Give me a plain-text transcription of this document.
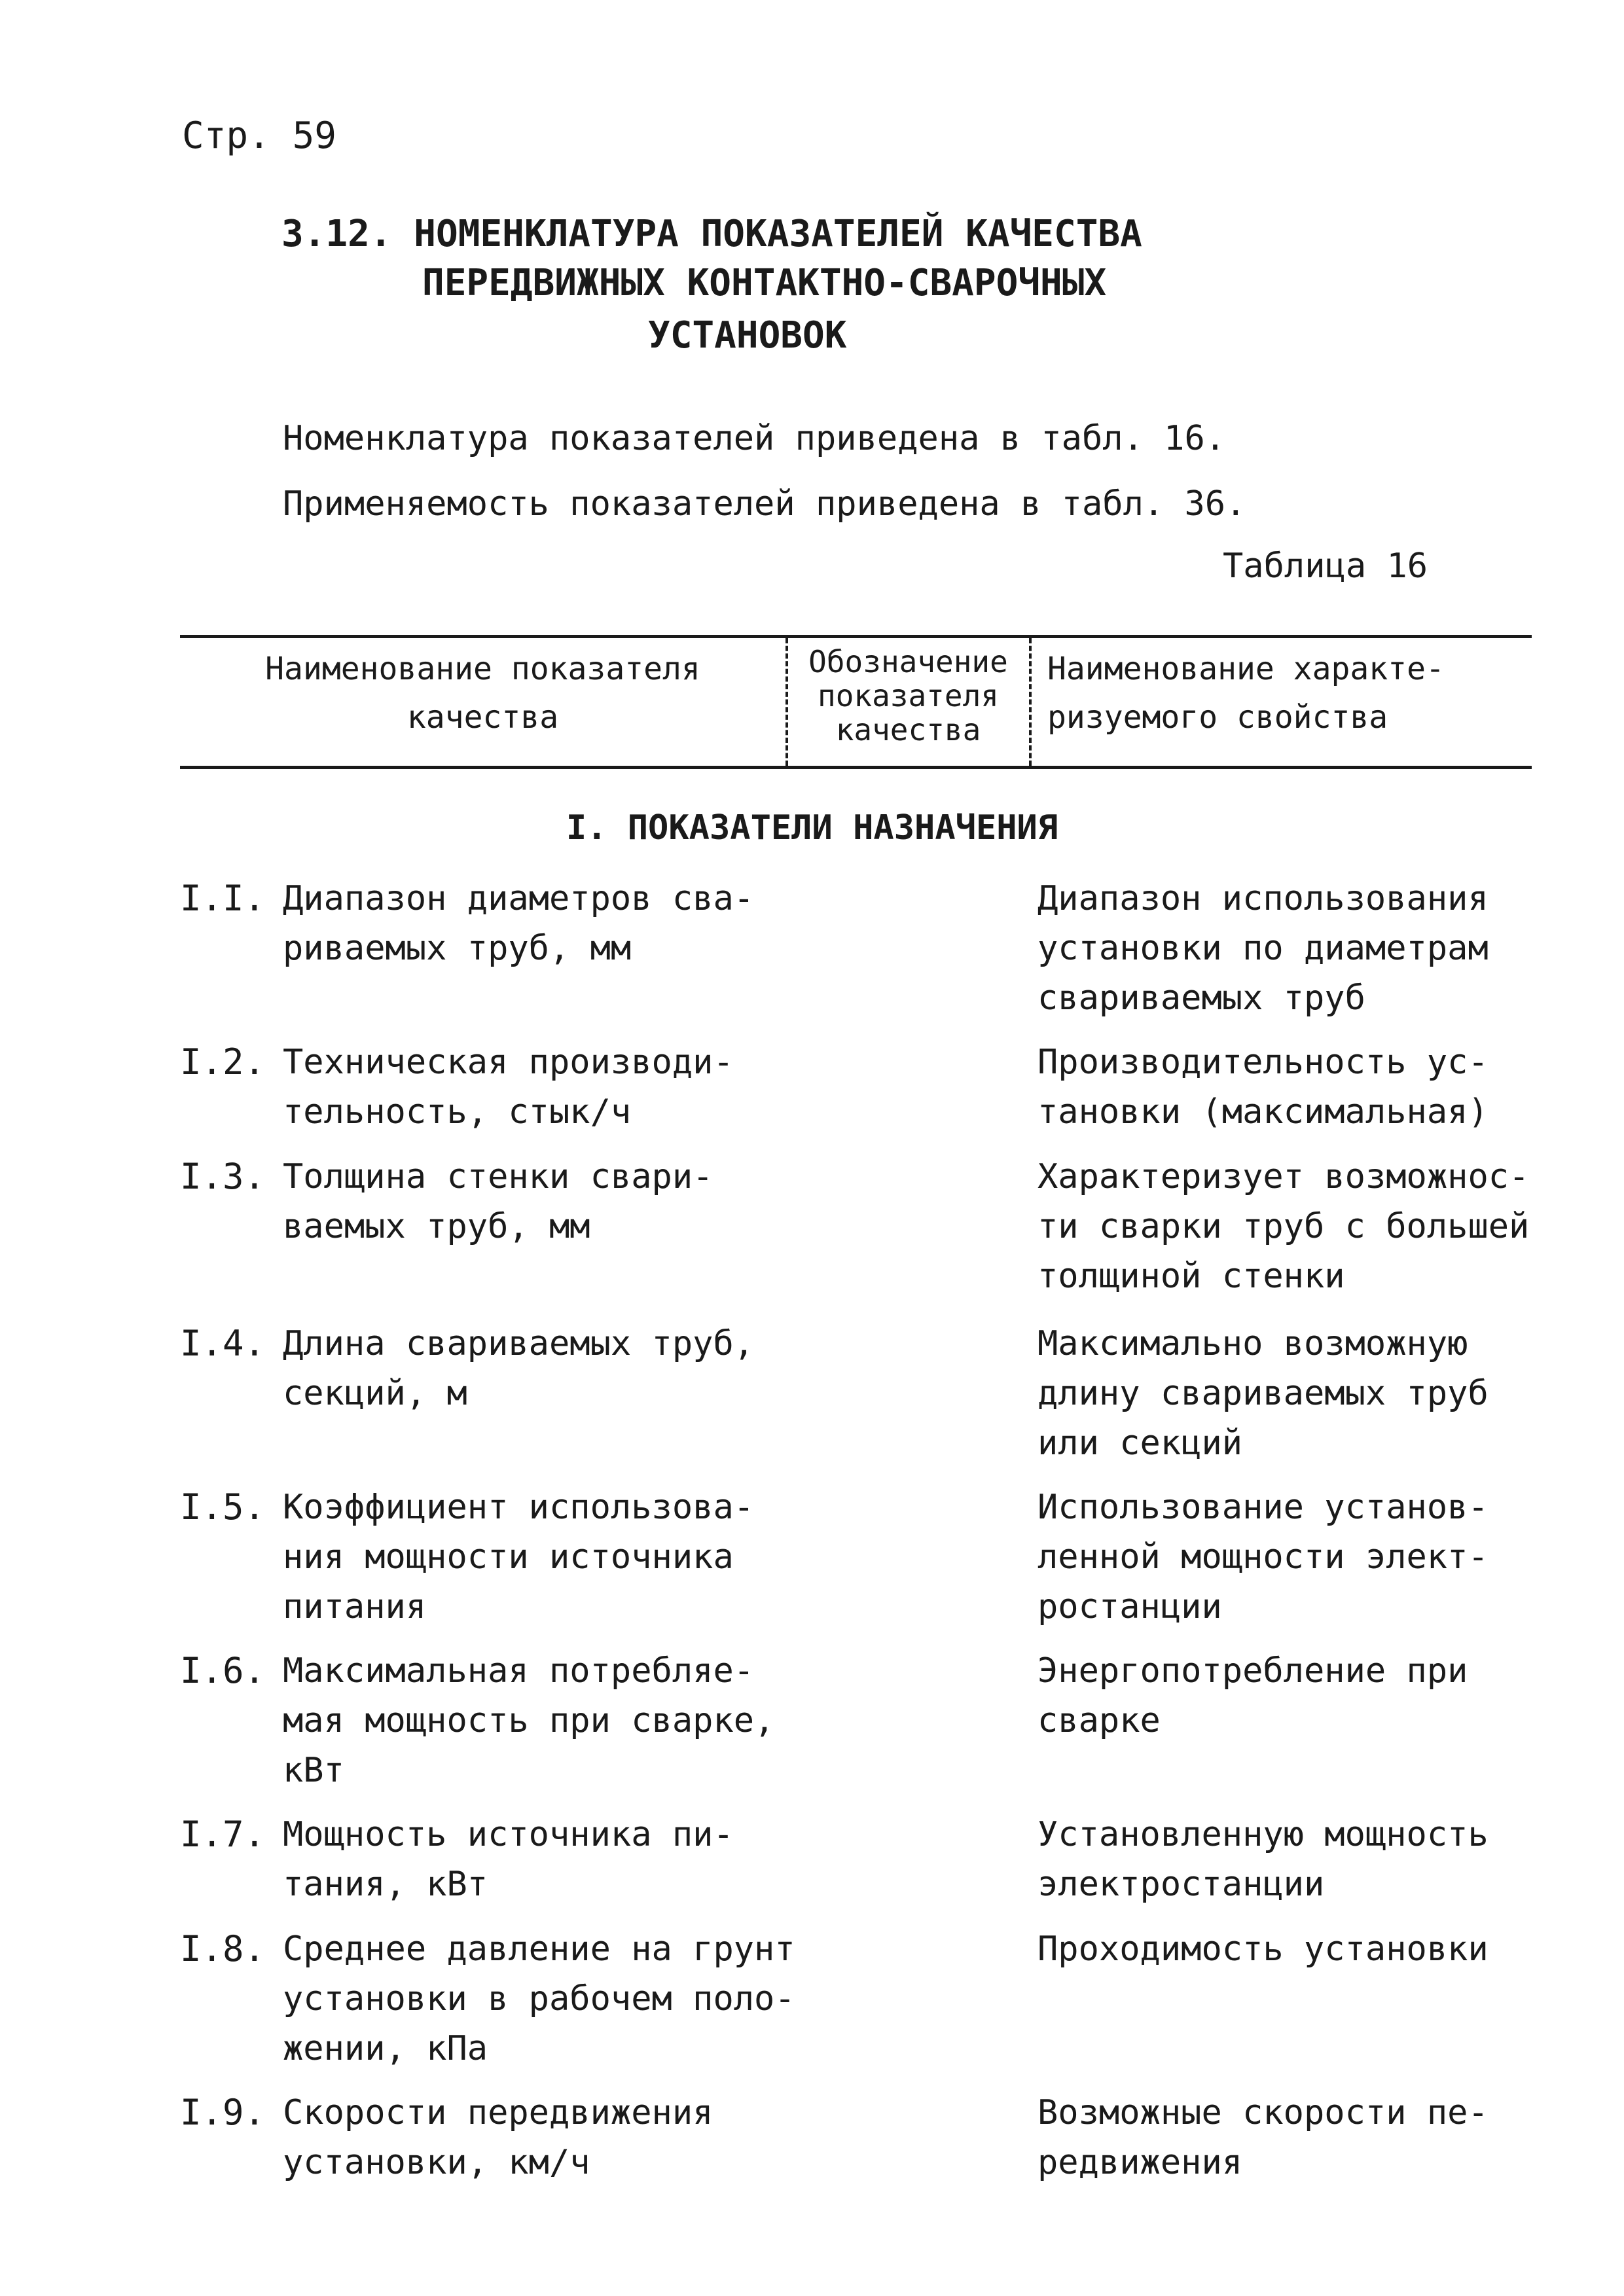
Стр. 59
3.12. НОМЕНКЛАТУРА ПОКАЗАТЕЛЕЙ КАЧЕСТВА
ПЕРЕДВИЖНЫХ КОНТАКТНО-СВАРОЧНЫХ
УСТАНОВОК
Номенклатура показателей приведена в табл. 16.
Применяемость показателей приведена в табл. 36.
Таблица 16
Наименование показателя
качества
Обозначение
показателя
качества
Наименование характе-
ризуемого свойства
I. ПОКАЗАТЕЛИ НАЗНАЧЕНИЯ
I.I. Диапазон диаметров сва-
риваемых труб, мм
Диапазон использования
установки по диаметрам
свариваемых труб
I.2. Техническая производи-
тельность, стык/ч
Производительность ус-
тановки (максимальная)
I.3. Толщина стенки свари-
ваемых труб, мм
Характеризует возможнос-
ти сварки труб с большей
толщиной стенки
I.4. Длина свариваемых труб,
секций, м
Максимально возможную
длину свариваемых труб
или секций
I.5. Коэффициент использова-
ния мощности источника
питания
Использование установ-
ленной мощности элект-
ростанции
I.6. Максимальная потребляе-
мая мощность при сварке,
кВт
Энергопотребление при
сварке
I.7. Мощность источника пи-
тания, кВт
Установленную мощность
электростанции
I.8. Среднее давление на грунт
установки в рабочем поло-
жении, кПа
Проходимость установки
I.9. Скорости передвижения
установки, км/ч
Возможные скорости пе-
редвижения
